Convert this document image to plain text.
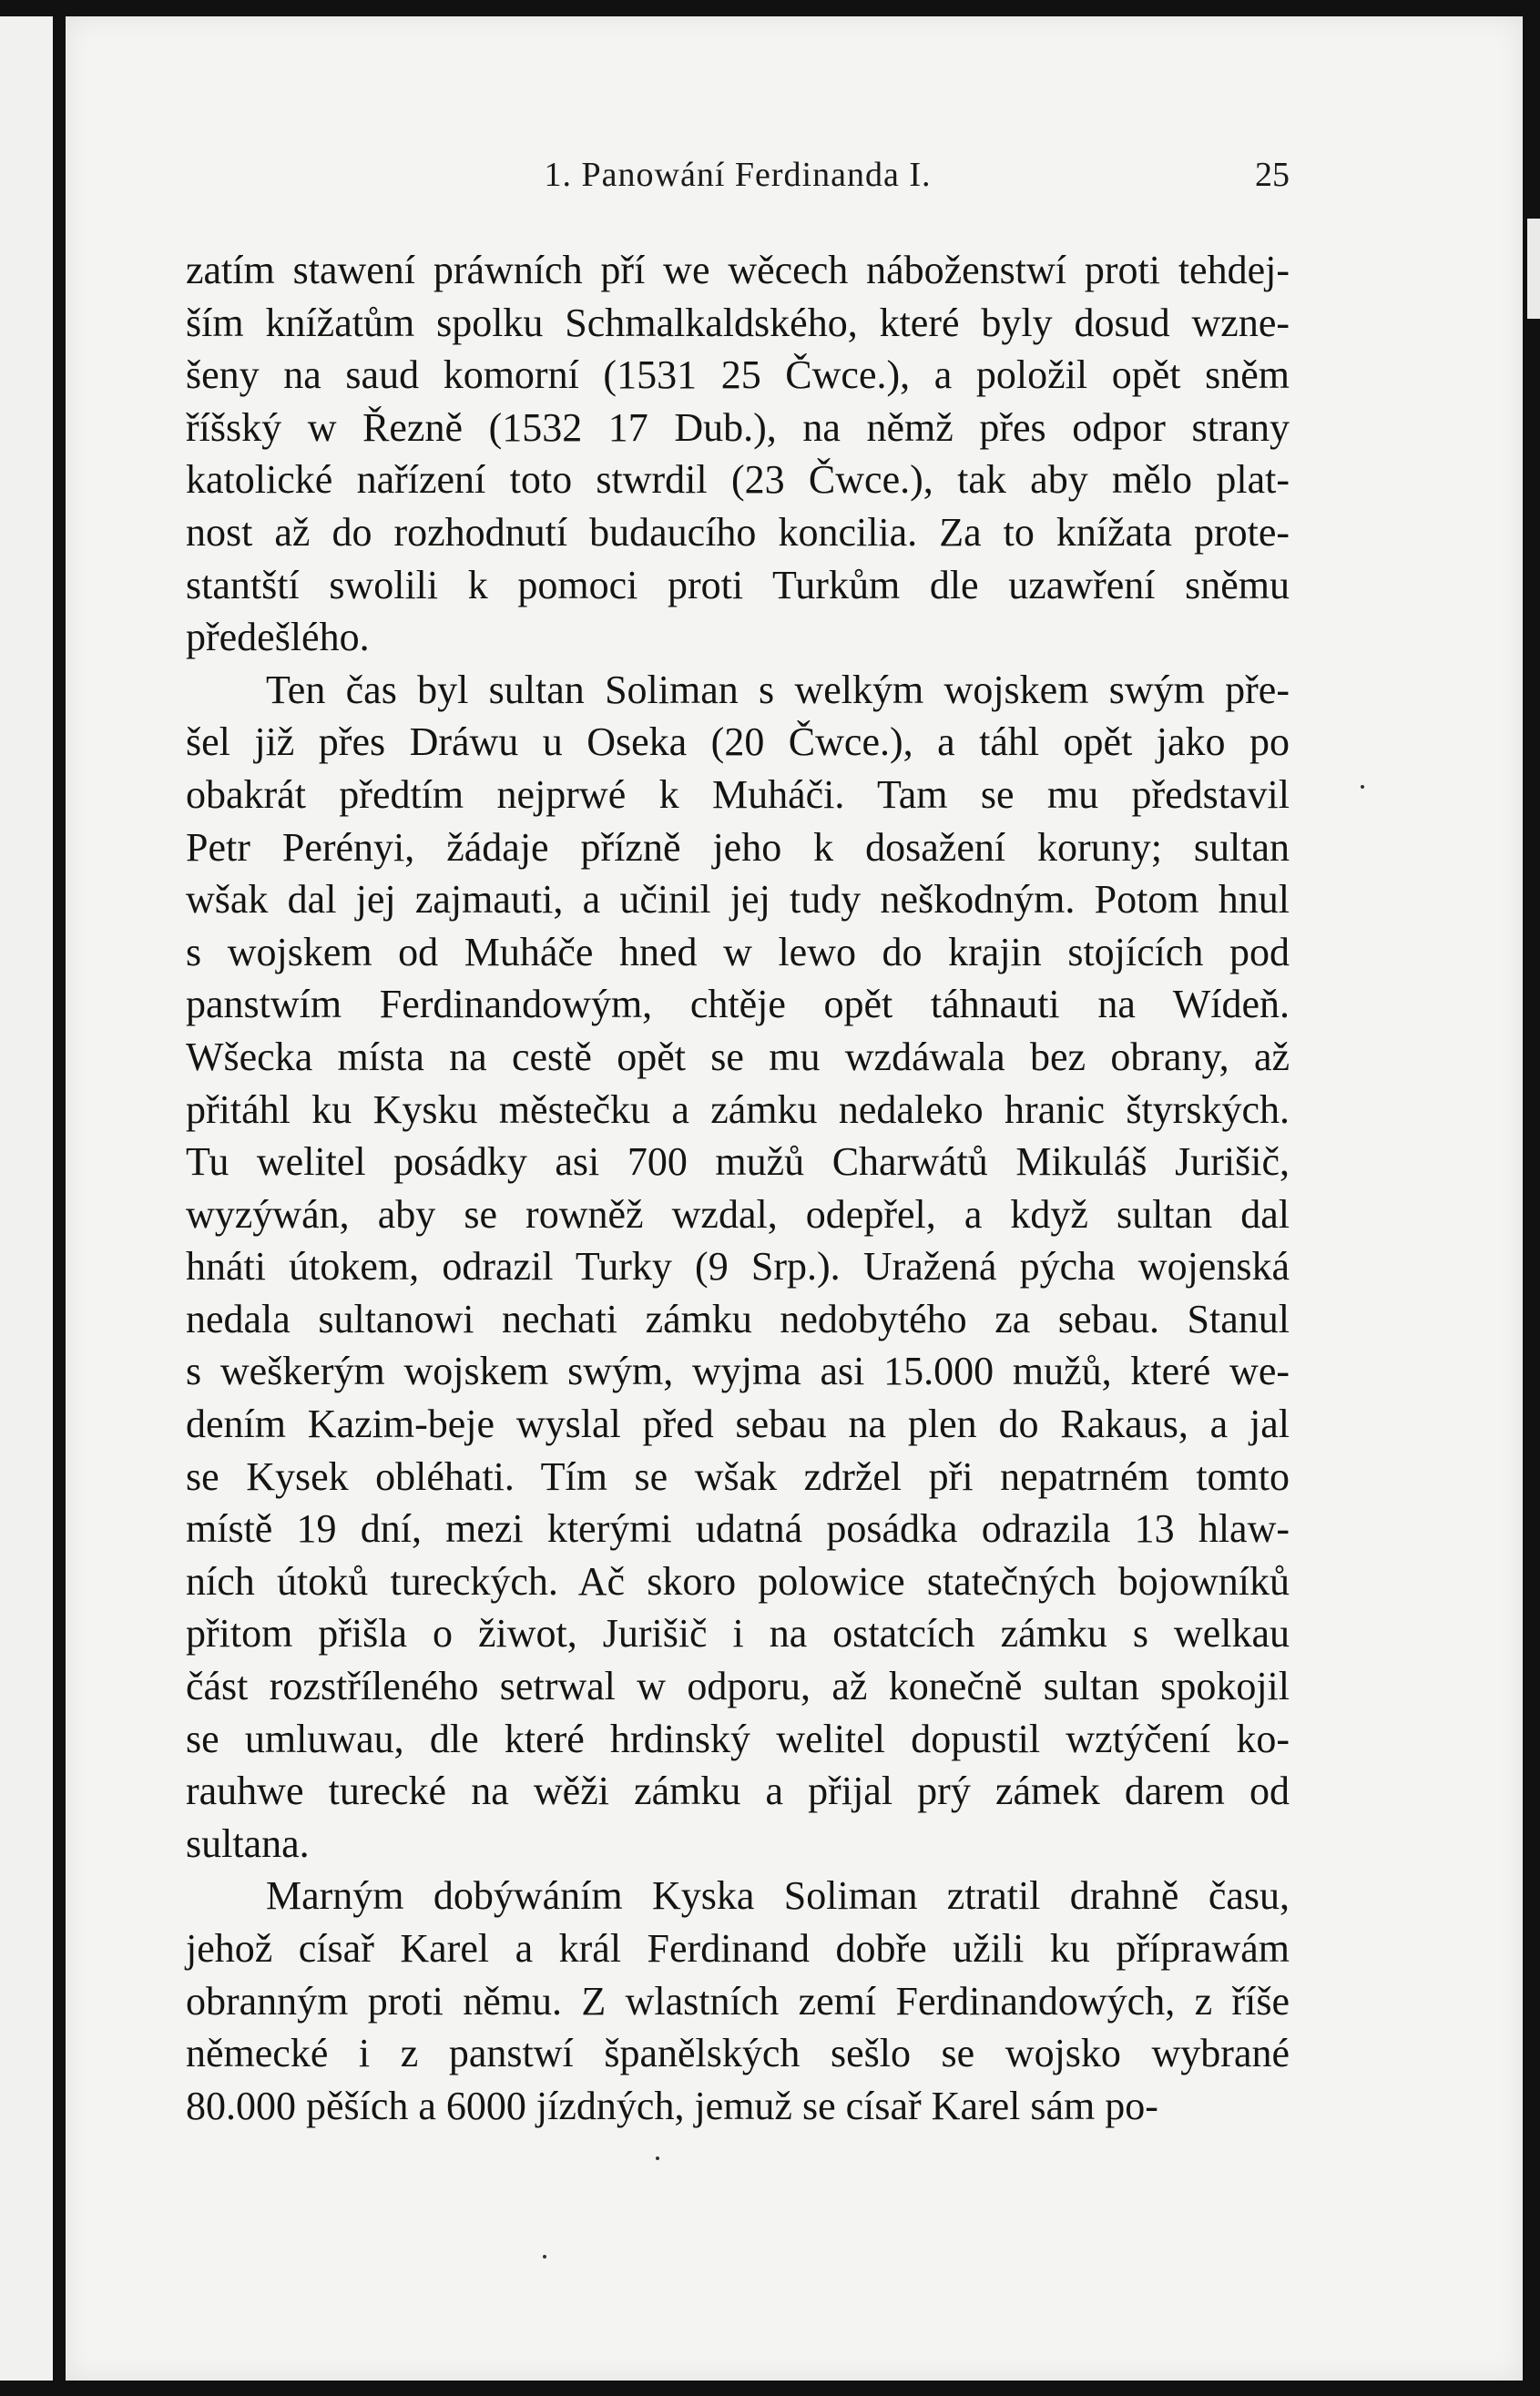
1. Panowání Ferdinanda I.	25
zatím stawení práwních pří we wěcech náboženstwí proti tehdej-
ším knížatům spolku Schmalkaldského, které byly dosud wzne-
šeny na saud komorní (1531 25 Čwce.), a položil opět sněm
říšský w Řezně (1532 17 Dub.), na němž přes odpor strany
katolické nařízení toto stwrdil (23 Čwce.), tak aby mělo plat-
nost až do rozhodnutí budaucího koncilia. Za to knížata prote-
stantští swolili k pomoci proti Turkům dle uzawření sněmu
předešlého.
Ten čas byl sultan Soliman s welkým wojskem swým pře-
šel již přes Dráwu u Oseka (20 Čwce.), a táhl opět jako po
obakrát předtím nejprwé k Muháči. Tam se mu představil
Petr Perényi, žádaje přízně jeho k dosažení koruny; sultan
wšak dal jej zajmauti, a učinil jej tudy neškodným. Potom hnul
s wojskem od Muháče hned w lewo do krajin stojících pod
panstwím Ferdinandowým, chtěje opět táhnauti na Wídeň.
Wšecka místa na cestě opět se mu wzdáwala bez obrany, až
přitáhl ku Kysku městečku a zámku nedaleko hranic štyrských.
Tu welitel posádky asi 700 mužů Charwátů Mikuláš Jurišič,
wyzýwán, aby se rowněž wzdal, odepřel, a když sultan dal
hnáti útokem, odrazil Turky (9 Srp.). Uražená pýcha wojenská
nedala sultanowi nechati zámku nedobytého za sebau. Stanul
s weškerým wojskem swým, wyjma asi 15.000 mužů, které we-
dením Kazim-beje wyslal před sebau na plen do Rakaus, a jal
se Kysek obléhati. Tím se wšak zdržel při nepatrném tomto
místě 19 dní, mezi kterými udatná posádka odrazila 13 hlaw-
ních útoků tureckých. Ač skoro polowice statečných bojowníků
přitom přišla o žiwot, Jurišič i na ostatcích zámku s welkau
část rozstříleného setrwal w odporu, až konečně sultan spokojil
se umluwau, dle které hrdinský welitel dopustil wztýčení ko-
rauhwe turecké na wěži zámku a přijal prý zámek darem od
sultana.
Marným dobýwáním Kyska Soliman ztratil drahně času,
jehož císař Karel a král Ferdinand dobře užili ku příprawám
obranným proti němu. Z wlastních zemí Ferdinandowých, z říše
německé i z panstwí španělských sešlo se wojsko wybrané
80.000 pěších a 6000 jízdných, jemuž se císař Karel sám po-
